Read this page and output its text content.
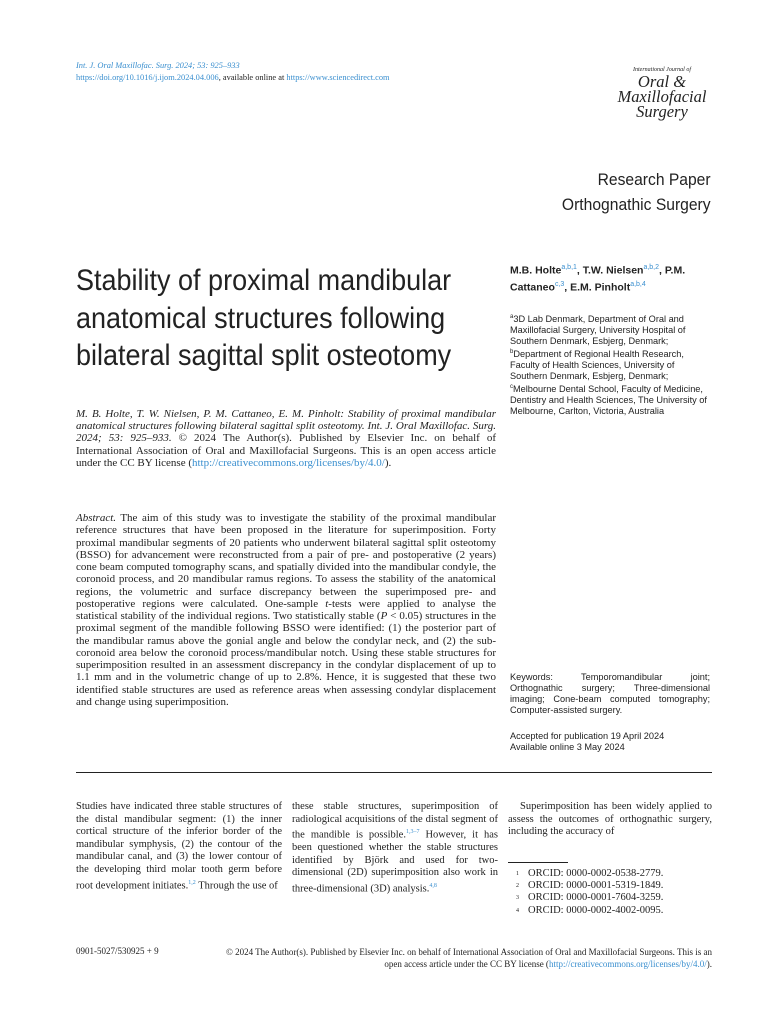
Int. J. Oral Maxillofac. Surg. 2024; 53: 925–933
https://doi.org/10.1016/j.ijom.2024.04.006, available online at https://www.sciencedirect.com
International Journal of
Oral &
Maxillofacial
Surgery
Research Paper
Orthognathic Surgery
Stability of proximal mandibular
anatomical structures following
bilateral sagittal split osteotomy
M.B. Holte$^{a,b,1}$, T.W. Nielsen$^{a,b,2}$, P.M. Cattaneo$^{c,3}$, E.M. Pinholt$^{a,b,4}$
$^a$3D Lab Denmark, Department of Oral and Maxillofacial Surgery, University Hospital of Southern Denmark, Esbjerg, Denmark;
$^b$Department of Regional Health Research, Faculty of Health Sciences, University of Southern Denmark, Esbjerg, Denmark;
$^c$Melbourne Dental School, Faculty of Medicine, Dentistry and Health Sciences, The University of Melbourne, Carlton, Victoria, Australia
M. B. Holte, T. W. Nielsen, P. M. Cattaneo, E. M. Pinholt: Stability of proximal mandibular anatomical structures following bilateral sagittal split osteotomy. Int. J. Oral Maxillofac. Surg. 2024; 53: 925–933. © 2024 The Author(s). Published by Elsevier Inc. on behalf of International Association of Oral and Maxillofacial Surgeons. This is an open access article under the CC BY license (http://creativecommons.org/licenses/by/4.0/).
Abstract. The aim of this study was to investigate the stability of the proximal mandibular reference structures that have been proposed in the literature for superimposition. Forty proximal mandibular segments of 20 patients who underwent bilateral sagittal split osteotomy (BSSO) for advancement were reconstructed from a pair of pre- and postoperative (2 years) cone beam computed tomography scans, and spatially divided into the mandibular condyle, the coronoid process, and 20 mandibular ramus regions. To assess the stability of the anatomical regions, the volumetric and surface discrepancy between the superimposed pre- and postoperative regions were calculated. One-sample t-tests were applied to analyse the statistical stability of the individual regions. Two statistically stable (P < 0.05) structures in the proximal segment of the mandible following BSSO were identified: (1) the posterior part of the mandibular ramus above the gonial angle and below the condylar neck, and (2) the sub-coronoid area below the coronoid process/mandibular notch. Using these stable structures for superimposition resulted in an assessment discrepancy in the condylar displacement of up to 1.1 mm and in the volumetric change of up to 2.8%. Hence, it is suggested that these two identified stable structures are used as reference areas when assessing condylar displacement and change using superimposition.
Keywords: Temporomandibular joint; Orthognathic surgery; Three-dimensional imaging; Cone-beam computed tomography; Computer-assisted surgery.
Accepted for publication 19 April 2024
Available online 3 May 2024
Studies have indicated three stable structures of the distal mandibular segment: (1) the inner cortical structure of the inferior border of the mandibular symphysis, (2) the contour of the mandibular canal, and (3) the lower contour of the developing third molar tooth germ before root development initiates.$^{1,2}$ Through the use of
these stable structures, superimposition of radiological acquisitions of the distal segment of the mandible is possible.$^{1,3-7}$ However, it has been questioned whether the stable structures identified by Björk and used for two-dimensional (2D) superimposition also work in three-dimensional (3D) analysis.$^{4,8}$
Superimposition has been widely applied to assess the outcomes of orthognathic surgery, including the accuracy of
$^1$ ORCID: 0000-0002-0538-2779.
$^2$ ORCID: 0000-0001-5319-1849.
$^3$ ORCID: 0000-0001-7604-3259.
$^4$ ORCID: 0000-0002-4002-0095.
0901-5027/530925 + 9	© 2024 The Author(s). Published by Elsevier Inc. on behalf of International Association of Oral and Maxillofacial Surgeons. This is an open access article under the CC BY license (http://creativecommons.org/licenses/by/4.0/).
